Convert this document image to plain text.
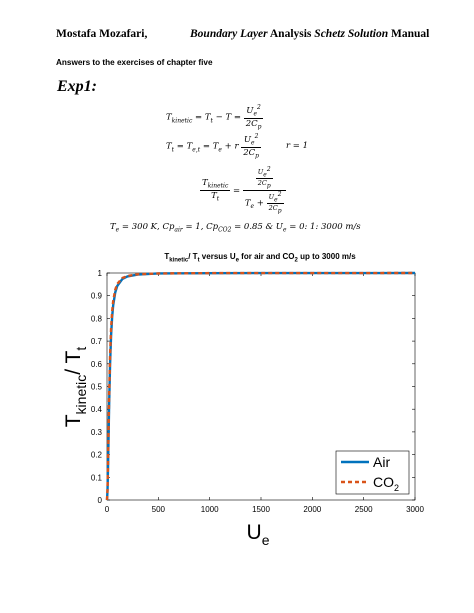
Mostafa Mozafari,	Boundary Layer Analysis Schetz Solution Manual
Answers to the exercises of chapter five
Exp1:
$T_{kinetic} = T_t - T = \frac{U_e^2}{2C_p}$
$T_t = T_{e,t} = T_e + r \frac{U_e^2}{2C_p}$	r = 1
$\frac{T_{kinetic}}{T_t} = \frac{\frac{U_e^2}{2C_p}}{T_e + \frac{U_e^2}{2C_p}}$
$T_e = 300$ K, $Cp_{air} = 1$, $Cp_{CO2} = 0.85$ & $U_e = 0$: 1: 3000 m/s
$T_{kinetic}/$ $T_t$ versus $U_e$ for air and $CO_2$ up to 3000 m/s
0
0.1
0.2
0.3
0.4
0.5
0.6
0.7
0.8
0.9
1
0	500	1000	1500	2000	2500	3000
$T_{kinetic}/$ $T_t$
$U_e$
Air
$CO_2$
